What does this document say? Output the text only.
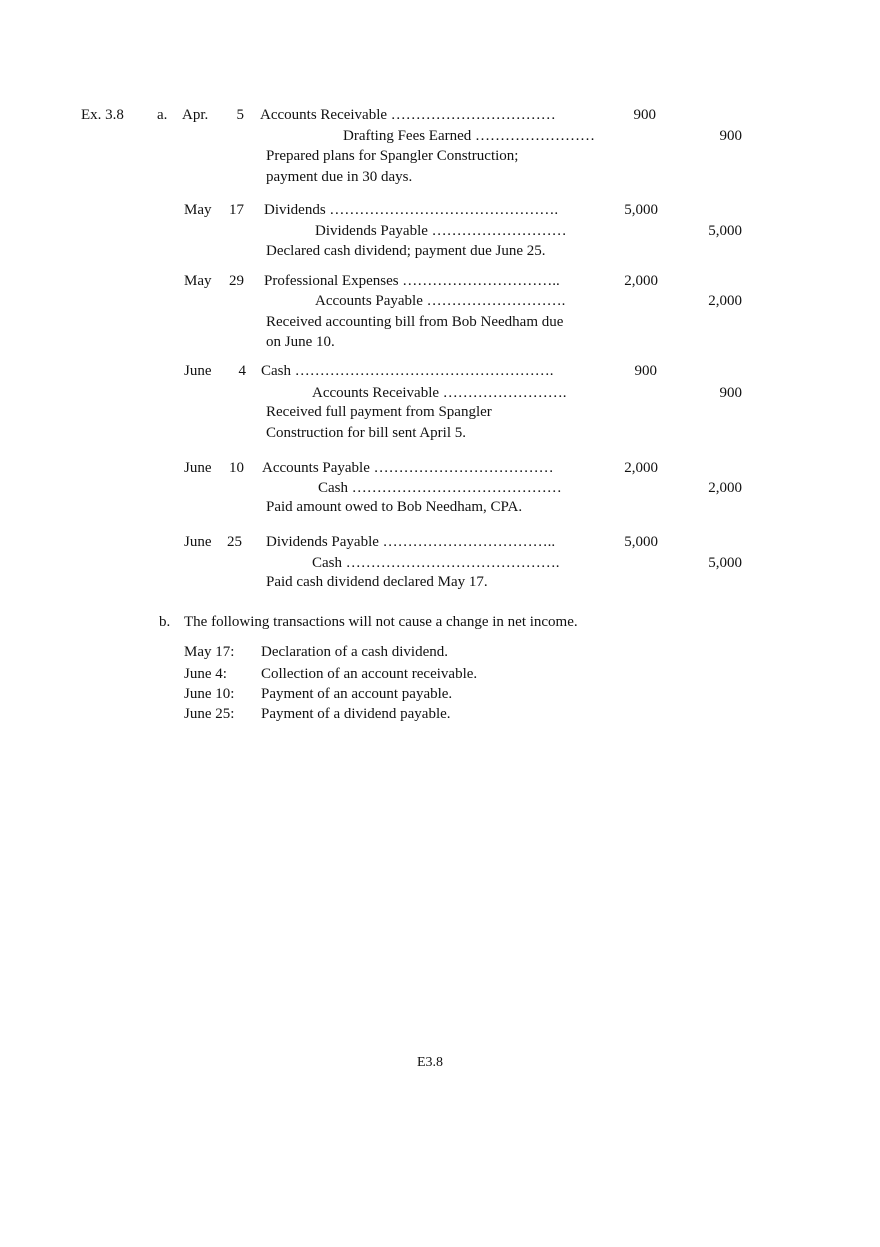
Ex. 3.8 a. Apr.	5 Accounts Receivable ……………………………	900
Drafting Fees Earned ……………………	900
Prepared plans for Spangler Construction;
payment due in 30 days.
May	17 Dividends ……………………………………….	5,000
Dividends Payable ………………………	5,000
Declared cash dividend; payment due June 25.
May	29 Professional Expenses …………………………..	2,000
Accounts Payable ……………………….	2,000
Received accounting bill from Bob Needham due
on June 10.
June	4 Cash …………………………………………….	900
Accounts Receivable …………………….	900
Received full payment from Spangler
Construction for bill sent April 5.
June	10 Accounts Payable ………………………………	2,000
Cash ……………………………………	2,000
Paid amount owed to Bob Needham, CPA.
June	25 Dividends Payable ……………………………..	5,000
Cash …………………………………….	5,000
Paid cash dividend declared May 17.
b. The following transactions will not cause a change in net income.
May 17: Declaration of a cash dividend.
June 4: Collection of an account receivable.
June 10: Payment of an account payable.
June 25: Payment of a dividend payable.
E3.8
